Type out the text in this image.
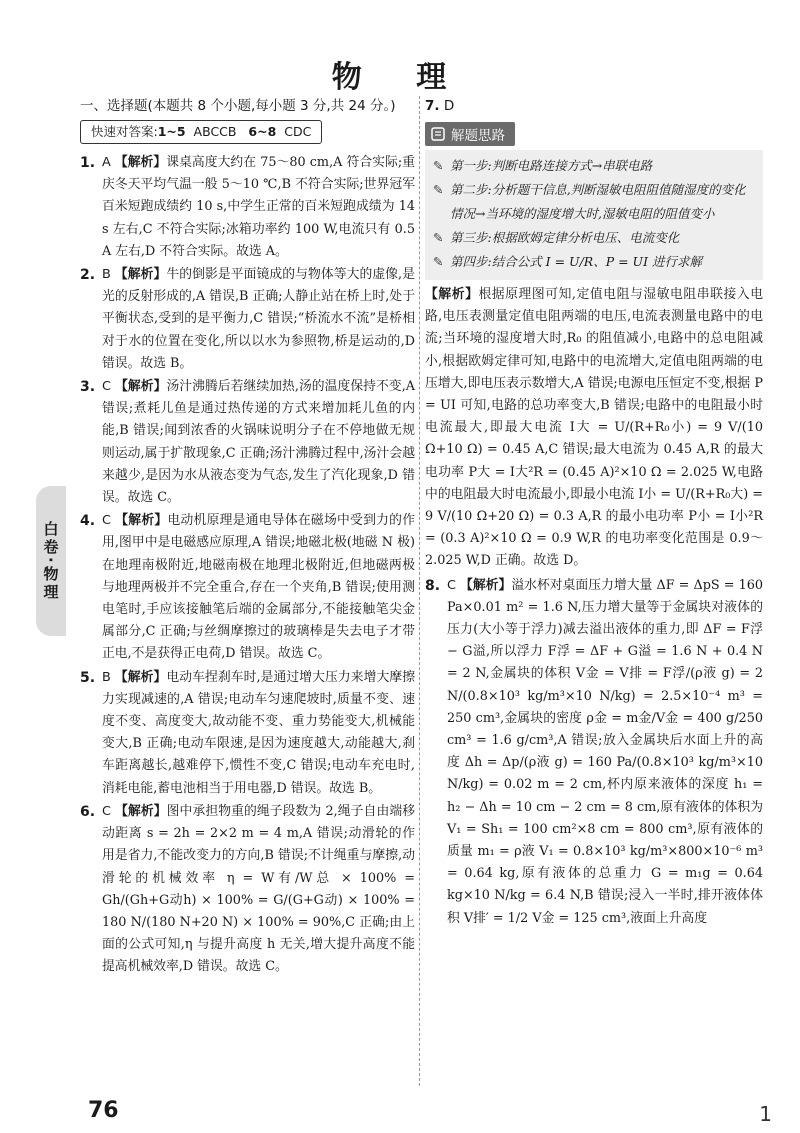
物 理
白卷·物理
一、选择题(本题共 8 个小题,每小题 3 分,共 24 分。)
快速对答案:1~5 ABCCB 6~8 CDC
1. A 【解析】课桌高度大约在 75～80 cm,A 符合实际;重庆冬天平均气温一般 5～10 ℃,B 不符合实际;世界冠军百米短跑成绩约 10 s,中学生正常的百米短跑成绩为 14 s 左右,C 不符合实际;冰箱功率约 100 W,电流只有 0.5 A 左右,D 不符合实际。故选 A。
2. B 【解析】牛的倒影是平面镜成的与物体等大的虚像,是光的反射形成的,A 错误,B 正确;人静止站在桥上时,处于平衡状态,受到的是平衡力,C 错误;“桥流水不流”是桥相对于水的位置在变化,所以以水为参照物,桥是运动的,D 错误。故选 B。
3. C 【解析】汤汁沸腾后若继续加热,汤的温度保持不变,A 错误;煮耗儿鱼是通过热传递的方式来增加耗儿鱼的内能,B 错误;闻到浓香的火锅味说明分子在不停地做无规则运动,属于扩散现象,C 正确;汤汁沸腾过程中,汤汁会越来越少,是因为水从液态变为气态,发生了汽化现象,D 错误。故选 C。
4. C 【解析】电动机原理是通电导体在磁场中受到力的作用,图甲中是电磁感应原理,A 错误;地磁北极(地磁 N 极)在地理南极附近,地磁南极在地理北极附近,但地磁两极与地理两极并不完全重合,存在一个夹角,B 错误;使用测电笔时,手应该接触笔后端的金属部分,不能接触笔尖金属部分,C 正确;与丝绸摩擦过的玻璃棒是失去电子才带正电,不是获得正电荷,D 错误。故选 C。
5. B 【解析】电动车捏刹车时,是通过增大压力来增大摩擦力实现减速的,A 错误;电动车匀速爬坡时,质量不变、速度不变、高度变大,故动能不变、重力势能变大,机械能变大,B 正确;电动车限速,是因为速度越大,动能越大,刹车距离越长,越难停下,惯性不变,C 错误;电动车充电时,消耗电能,蓄电池相当于用电器,D 错误。故选 B。
6. C 【解析】图中承担物重的绳子段数为 2,绳子自由端移动距离 s = 2h = 2×2 m = 4 m,A 错误;动滑轮的作用是省力,不能改变力的方向,B 错误;不计绳重与摩擦,动滑轮的机械效率 η = W有/W总 × 100% = Gh/(Gh+G动h) × 100% = G/(G+G动) × 100% = 180 N/(180 N+20 N) × 100% = 90%,C 正确;由上面的公式可知,η 与提升高度 h 无关,增大提升高度不能提高机械效率,D 错误。故选 C。
7. D
解题思路
✎ 第一步:判断电路连接方式→串联电路
✎ 第二步:分析题干信息,判断湿敏电阻阻值随湿度的变化情况→当环境的湿度增大时,湿敏电阻的阻值变小
✎ 第三步:根据欧姆定律分析电压、电流变化
✎ 第四步:结合公式 I = U/R、P = UI 进行求解
【解析】根据原理图可知,定值电阻与湿敏电阻串联接入电路,电压表测量定值电阻两端的电压,电流表测量电路中的电流;当环境的湿度增大时,R₀ 的阻值减小,电路中的总电阻减小,根据欧姆定律可知,电路中的电流增大,定值电阻两端的电压增大,即电压表示数增大,A 错误;电源电压恒定不变,根据 P = UI 可知,电路的总功率变大,B 错误;电路中的电阻最小时电流最大,即最大电流 I大 = U/(R+R₀小) = 9 V/(10 Ω+10 Ω) = 0.45 A,C 错误;最大电流为 0.45 A,R 的最大电功率 P大 = I大²R = (0.45 A)²×10 Ω = 2.025 W,电路中的电阻最大时电流最小,即最小电流 I小 = U/(R+R₀大) = 9 V/(10 Ω+20 Ω) = 0.3 A,R 的最小电功率 P小 = I小²R = (0.3 A)²×10 Ω = 0.9 W,R 的电功率变化范围是 0.9～2.025 W,D 正确。故选 D。
8. C 【解析】溢水杯对桌面压力增大量 ΔF = ΔpS = 160 Pa×0.01 m² = 1.6 N,压力增大量等于金属块对液体的压力(大小等于浮力)减去溢出液体的重力,即 ΔF = F浮 − G溢,所以浮力 F浮 = ΔF + G溢 = 1.6 N + 0.4 N = 2 N,金属块的体积 V金 = V排 = F浮/(ρ液 g) = 2 N/(0.8×10³ kg/m³×10 N/kg) = 2.5×10⁻⁴ m³ = 250 cm³,金属块的密度 ρ金 = m金/V金 = 400 g/250 cm³ = 1.6 g/cm³,A 错误;放入金属块后水面上升的高度 Δh = Δp/(ρ液 g) = 160 Pa/(0.8×10³ kg/m³×10 N/kg) = 0.02 m = 2 cm,杯内原来液体的深度 h₁ = h₂ − Δh = 10 cm − 2 cm = 8 cm,原有液体的体积为 V₁ = Sh₁ = 100 cm²×8 cm = 800 cm³,原有液体的质量 m₁ = ρ液 V₁ = 0.8×10³ kg/m³×800×10⁻⁶ m³ = 0.64 kg,原有液体的总重力 G = m₁g = 0.64 kg×10 N/kg = 6.4 N,B 错误;浸入一半时,排开液体体积 V排′ = 1/2 V金 = 125 cm³,液面上升高度
76	1
